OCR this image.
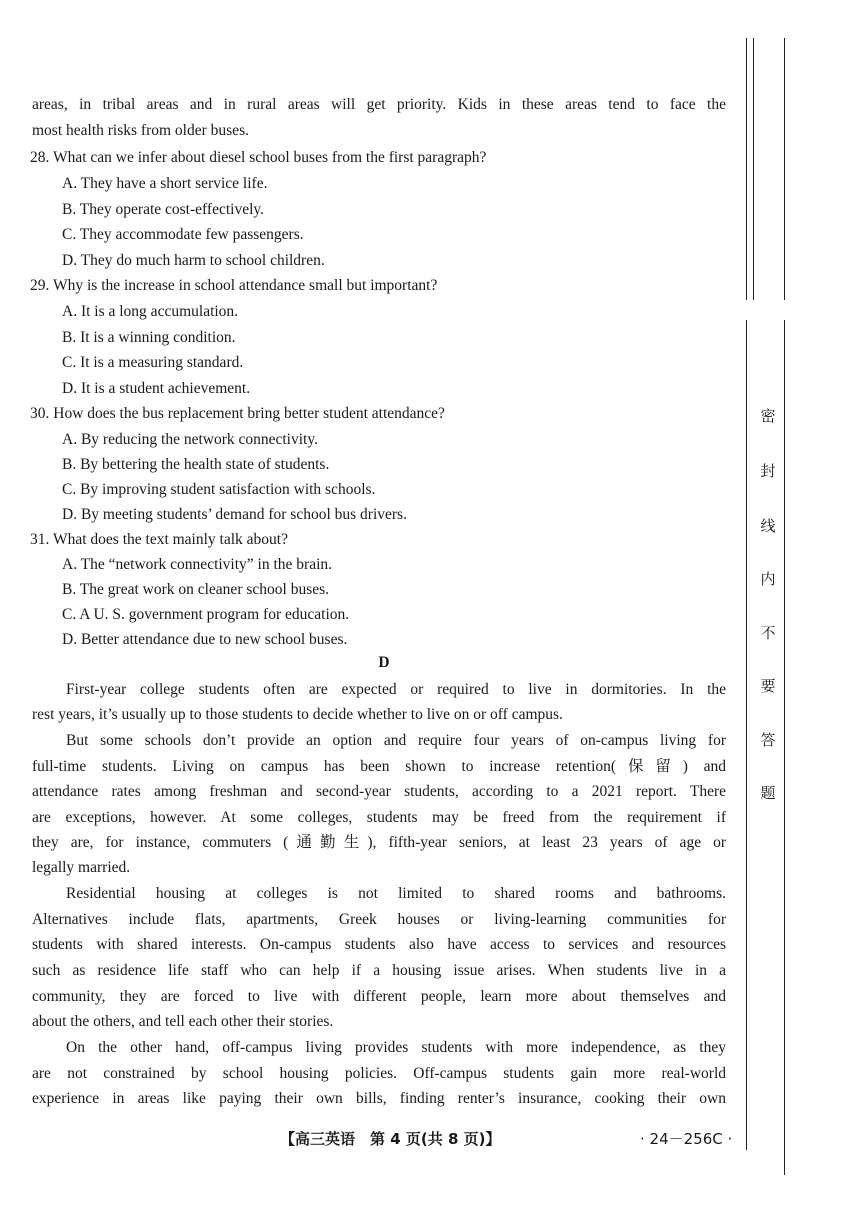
areas, in tribal areas and in rural areas will get priority. Kids in these areas tend to face the
most health risks from older buses.
28. What can we infer about diesel school buses from the first paragraph?
A. They have a short service life.
B. They operate cost-effectively.
C. They accommodate few passengers.
D. They do much harm to school children.
29. Why is the increase in school attendance small but important?
A. It is a long accumulation.
B. It is a winning condition.
C. It is a measuring standard.
D. It is a student achievement.
30. How does the bus replacement bring better student attendance?
A. By reducing the network connectivity.
B. By bettering the health state of students.
C. By improving student satisfaction with schools.
D. By meeting students’ demand for school bus drivers.
31. What does the text mainly talk about?
A. The “network connectivity” in the brain.
B. The great work on cleaner school buses.
C. A U. S. government program for education.
D. Better attendance due to new school buses.
D
First-year college students often are expected or required to live in dormitories. In the
rest years, it’s usually up to those students to decide whether to live on or off campus.
But some schools don’t provide an option and require four years of on-campus living for
full-time students. Living on campus has been shown to increase retention(保留) and
attendance rates among freshman and second-year students, according to a 2021 report. There
are exceptions, however. At some colleges, students may be freed from the requirement if
they are, for instance, commuters (通勤生), fifth-year seniors, at least 23 years of age or
legally married.
Residential housing at colleges is not limited to shared rooms and bathrooms.
Alternatives include flats, apartments, Greek houses or living-learning communities for
students with shared interests. On-campus students also have access to services and resources
such as residence life staff who can help if a housing issue arises. When students live in a
community, they are forced to live with different people, learn more about themselves and
about the others, and tell each other their stories.
On the other hand, off-campus living provides students with more independence, as they
are not constrained by school housing policies. Off-campus students gain more real-world
experience in areas like paying their own bills, finding renter’s insurance, cooking their own
【高三英语　第 4 页(共 8 页)】	· 24－256C ·
密
封
线
内
不
要
答
题
